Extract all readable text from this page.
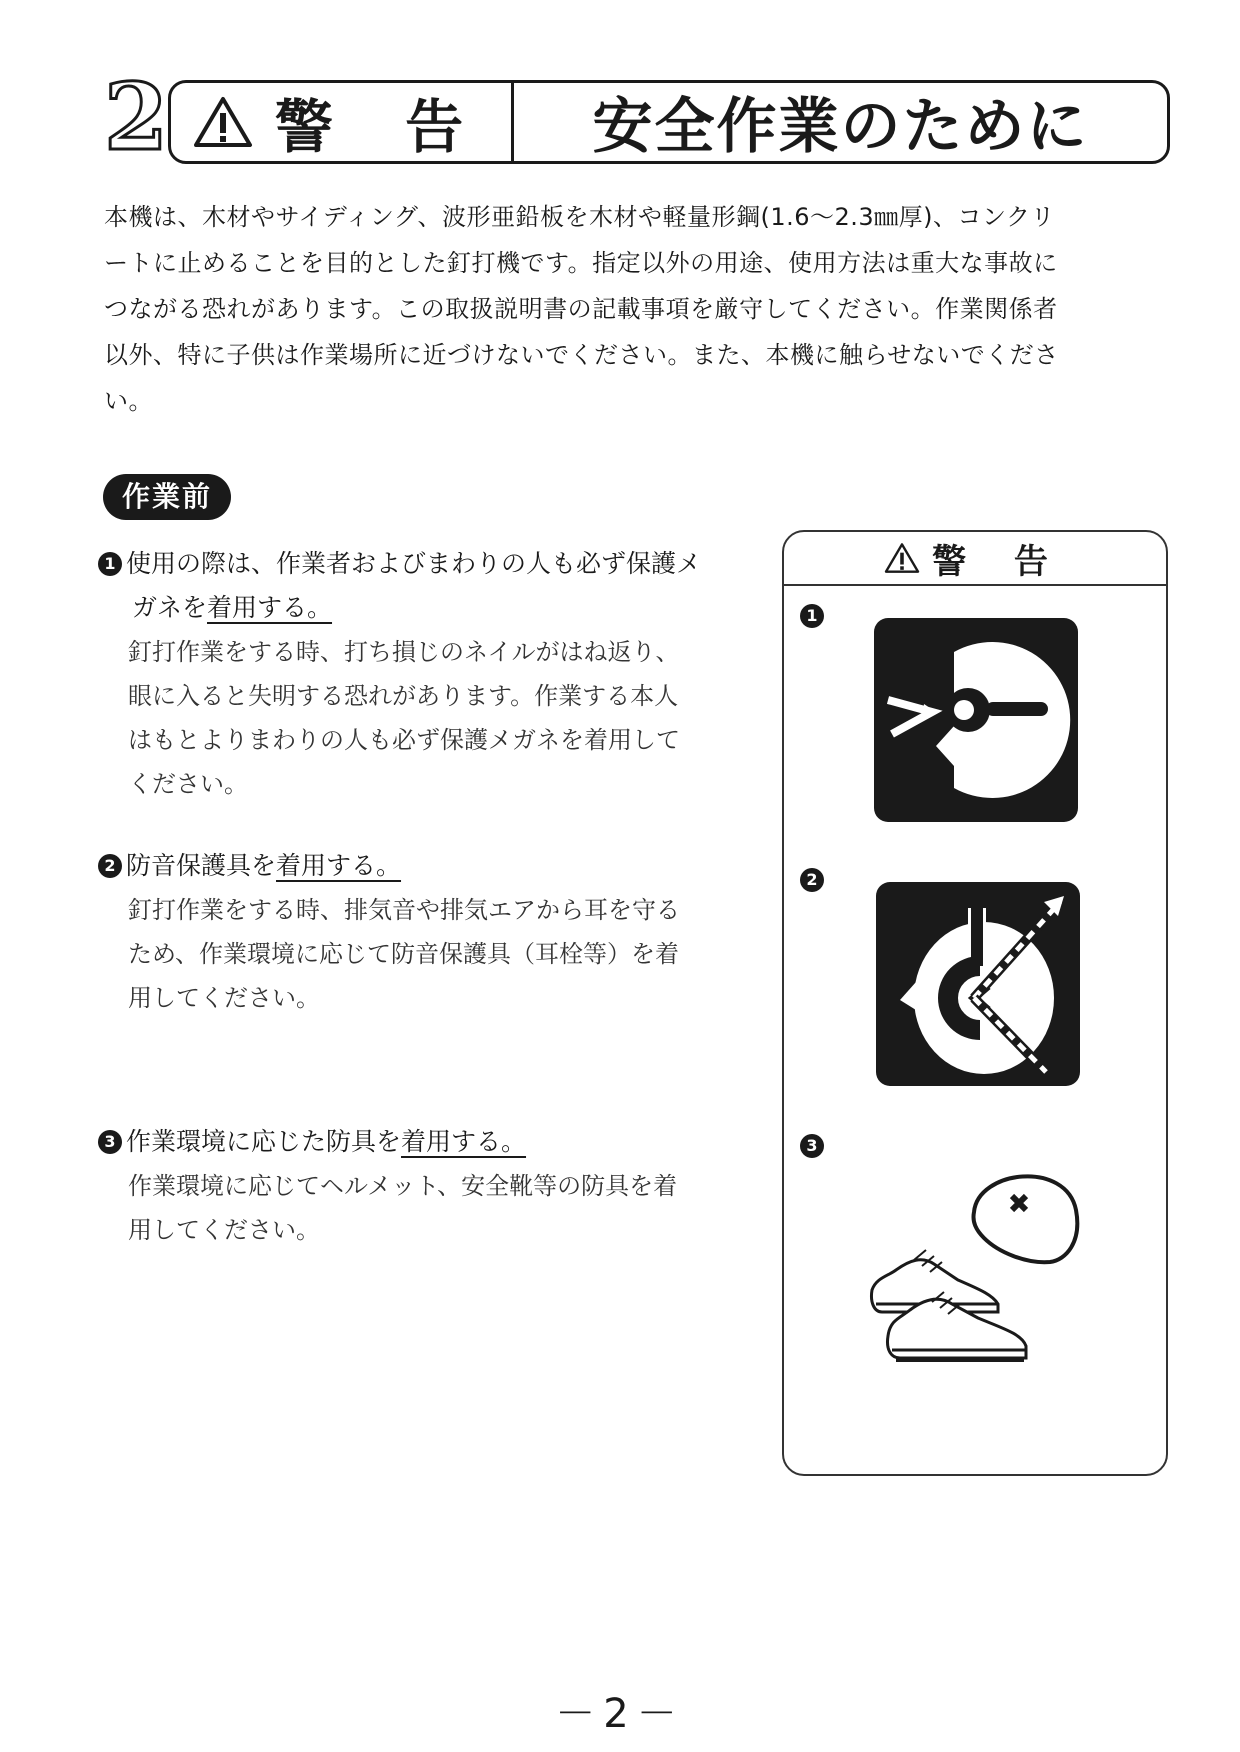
2 警 告	安全作業のために

本機は、木材やサイディング、波形亜鉛板を木材や軽量形鋼(1.6～2.3㎜厚)、コンクリ

ートに止めることを目的とした釘打機です。指定以外の用途、使用方法は重大な事故に

つながる恐れがあります。この取扱説明書の記載事項を厳守してください。作業関係者

以外、特に子供は作業場所に近づけないでください。また、本機に触らせないでくださ

い。

作業前
1 使用の際は、作業者およびまわりの人も必ず保護メ
ガネを着用する。

釘打作業をする時、打ち損じのネイルがはね返り、

眼に入ると失明する恐れがあります。作業する本人

はもとよりまわりの人も必ず保護メガネを着用して

ください。

2 防音保護具を着用する。

釘打作業をする時、排気音や排気エアから耳を守る

ため、作業環境に応じて防音保護具（耳栓等）を着

用してください。

3 作業環境に応じた防具を着用する。

作業環境に応じてヘルメット、安全靴等の防具を着

用してください。

警 告
1
2
3
－2－
